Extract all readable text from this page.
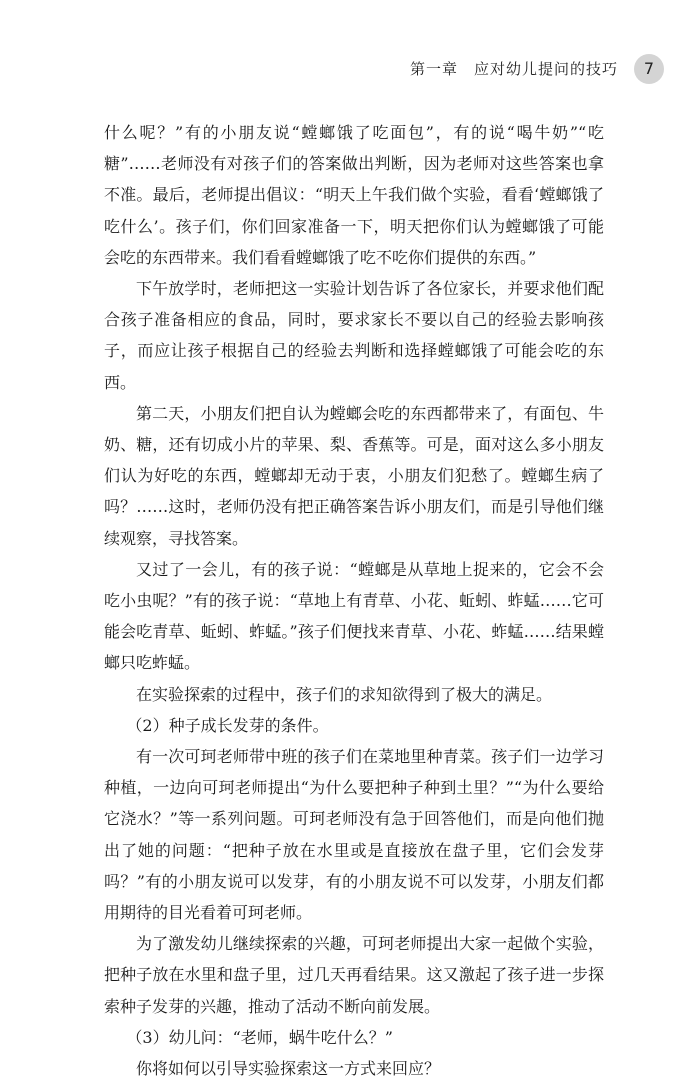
第一章　应对幼儿提问的技巧	7

什么呢？”有的小朋友说“螳螂饿了吃面包”，有的说“喝牛奶”“吃糖”……老师没有对孩子们的答案做出判断，因为老师对这些答案也拿不准。最后，老师提出倡议：“明天上午我们做个实验，看看‘螳螂饿了吃什么’。孩子们，你们回家准备一下，明天把你们认为螳螂饿了可能会吃的东西带来。我们看看螳螂饿了吃不吃你们提供的东西。”

下午放学时，老师把这一实验计划告诉了各位家长，并要求他们配合孩子准备相应的食品，同时，要求家长不要以自己的经验去影响孩子，而应让孩子根据自己的经验去判断和选择螳螂饿了可能会吃的东西。

第二天，小朋友们把自认为螳螂会吃的东西都带来了，有面包、牛奶、糖，还有切成小片的苹果、梨、香蕉等。可是，面对这么多小朋友们认为好吃的东西，螳螂却无动于衷，小朋友们犯愁了。螳螂生病了吗？……这时，老师仍没有把正确答案告诉小朋友们，而是引导他们继续观察，寻找答案。

又过了一会儿，有的孩子说：“螳螂是从草地上捉来的，它会不会吃小虫呢？”有的孩子说：“草地上有青草、小花、蚯蚓、蚱蜢……它可能会吃青草、蚯蚓、蚱蜢。”孩子们便找来青草、小花、蚱蜢……结果螳螂只吃蚱蜢。

在实验探索的过程中，孩子们的求知欲得到了极大的满足。

（2）种子成长发芽的条件。

有一次可珂老师带中班的孩子们在菜地里种青菜。孩子们一边学习种植，一边向可珂老师提出“为什么要把种子种到土里？”“为什么要给它浇水？”等一系列问题。可珂老师没有急于回答他们，而是向他们抛出了她的问题：“把种子放在水里或是直接放在盘子里，它们会发芽吗？”有的小朋友说可以发芽，有的小朋友说不可以发芽，小朋友们都用期待的目光看着可珂老师。

为了激发幼儿继续探索的兴趣，可珂老师提出大家一起做个实验，把种子放在水里和盘子里，过几天再看结果。这又激起了孩子进一步探索种子发芽的兴趣，推动了活动不断向前发展。

（3）幼儿问：“老师，蜗牛吃什么？”

你将如何以引导实验探索这一方式来回应？
